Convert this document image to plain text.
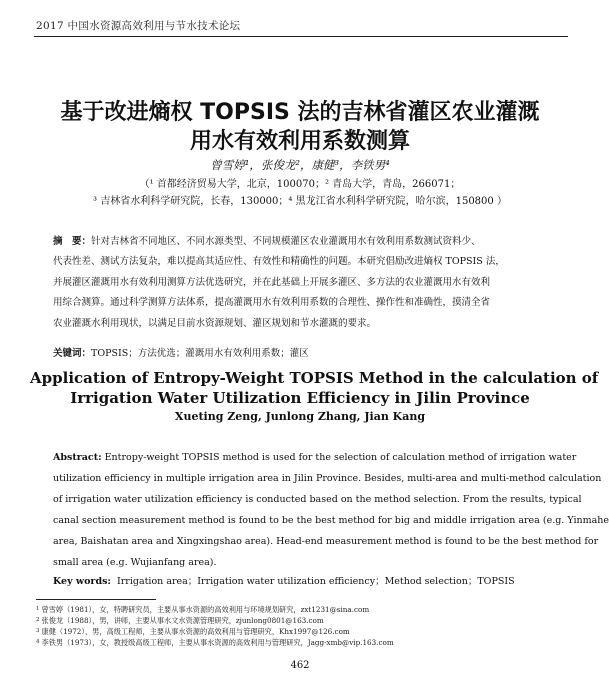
2017 中国水资源高效利用与节水技术论坛
基于改进熵权 TOPSIS 法的吉林省灌区农业灌溉
用水有效利用系数测算
曾雪婷¹，张俊龙²，康健³，李铁男⁴
（¹ 首都经济贸易大学，北京，100070；² 青岛大学，青岛，266071；
³ 吉林省水利科学研究院，长春，130000；⁴ 黑龙江省水利科学研究院，哈尔滨，150800 ）
摘　要：针对吉林省不同地区、不同水源类型、不同规模灌区农业灌溉用水有效利用系数测试资料少、
代表性差、测试方法复杂，难以提高其适应性、有效性和精确性的问题。本研究倡励改进熵权 TOPSIS 法，
并展灌区灌溉用水有效利用测算方法优选研究，并在此基础上开展多灌区、多方法的农业灌溉用水有效利
用综合测算。通过科学测算方法体系，提高灌溉用水有效利用系数的合理性、操作性和准确性，摸清全省
农业灌溉水利用现状，以满足目前水资源规划、灌区规划和节水灌溉的要求。
关键词：TOPSIS；方法优选；灌溉用水有效利用系数；灌区
Application of Entropy-Weight TOPSIS Method in the calculation of
Irrigation Water Utilization Efficiency in Jilin Province
Xueting Zeng, Junlong Zhang, Jian Kang
Abstract: Entropy-weight TOPSIS method is used for the selection of calculation method of irrigation water
utilization efficiency in multiple irrigation area in Jilin Province. Besides, multi-area and multi-method calculation
of irrigation water utilization efficiency is conducted based on the method selection. From the results, typical
canal section measurement method is found to be the best method for big and middle irrigation area (e.g. Yinmahe
area, Baishatan area and Xingxingshao area). Head-end measurement method is found to be the best method for
small area (e.g. Wujianfang area).
Key words: Irrigation area；Irrigation water utilization efficiency；Method selection；TOPSIS
$^1$ 曾雪婷（1981），女，特聘研究员，主要从事水资源的高效利用与环境规划研究，zxt1231@sina.com
$^2$ 张俊龙（1988），男，讲师，主要从事水文水资源管理研究，zjunlong0801@163.com
$^3$ 康健（1972），男，高级工程师，主要从事水资源的高效利用与管理研究，Khx1997@126.com
$^4$ 李铁男（1973），女，教授级高级工程师，主要从事水资源的高效利用与管理研究，Jagg-xmb@vip.163.com
462
